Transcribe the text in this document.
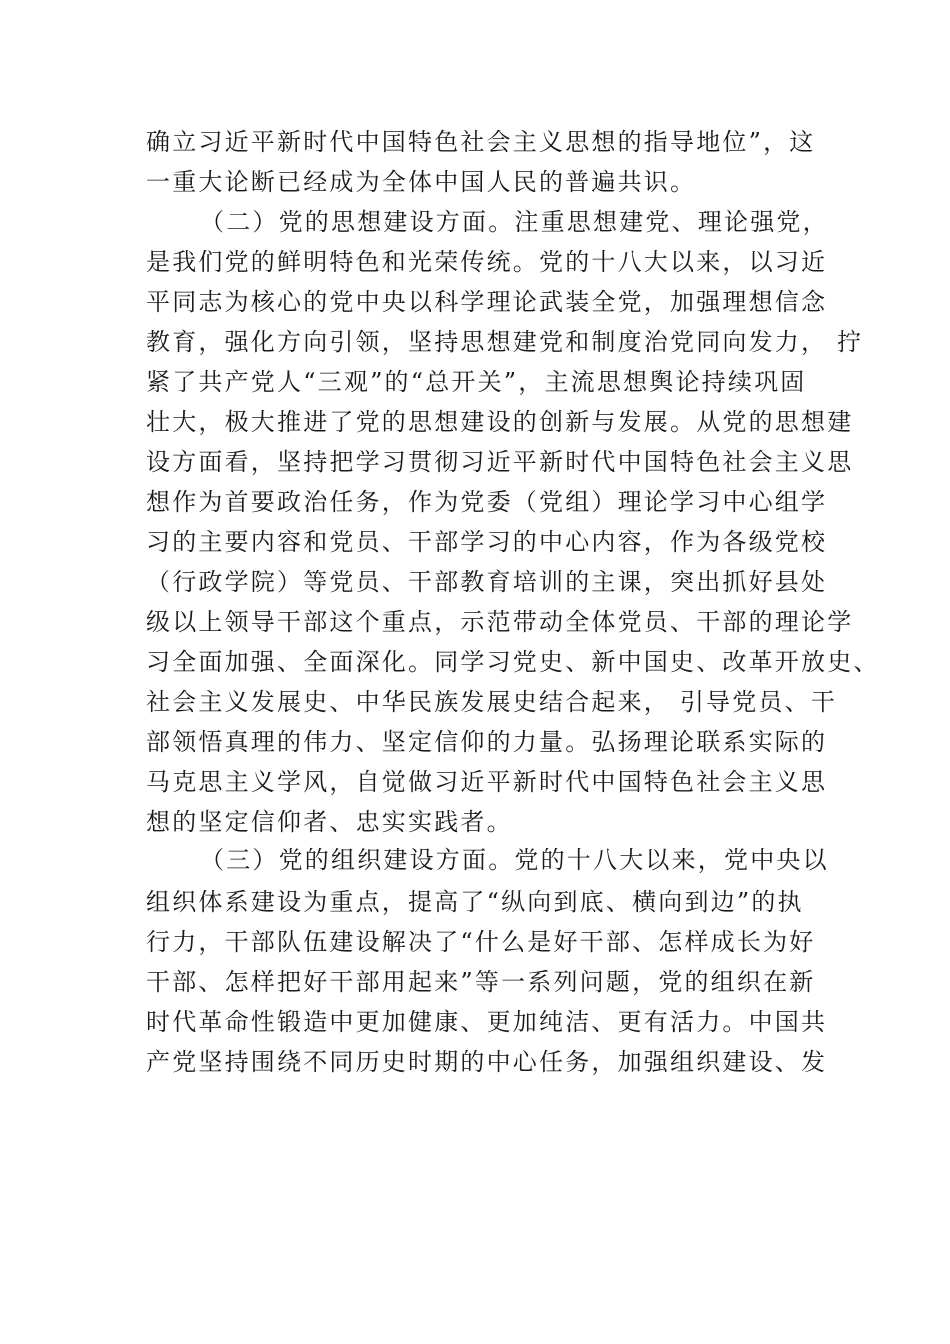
确立习近平新时代中国特色社会主义思想的指导地位”，这
一重大论断已经成为全体中国人民的普遍共识。
（二）党的思想建设方面。注重思想建党、理论强党，
是我们党的鲜明特色和光荣传统。党的十八大以来，以习近
平同志为核心的党中央以科学理论武装全党，加强理想信念
教育，强化方向引领，坚持思想建党和制度治党同向发力， 拧
紧了共产党人“三观”的“总开关”，主流思想舆论持续巩固
壮大，极大推进了党的思想建设的创新与发展。从党的思想建
设方面看，坚持把学习贯彻习近平新时代中国特色社会主义思
想作为首要政治任务，作为党委（党组）理论学习中心组学
习的主要内容和党员、干部学习的中心内容，作为各级党校
（行政学院）等党员、干部教育培训的主课，突出抓好县处
级以上领导干部这个重点，示范带动全体党员、干部的理论学
习全面加强、全面深化。同学习党史、新中国史、改革开放史、
社会主义发展史、中华民族发展史结合起来， 引导党员、干
部领悟真理的伟力、坚定信仰的力量。弘扬理论联系实际的
马克思主义学风，自觉做习近平新时代中国特色社会主义思
想的坚定信仰者、忠实实践者。
（三）党的组织建设方面。党的十八大以来，党中央以
组织体系建设为重点，提高了“纵向到底、横向到边”的执
行力，干部队伍建设解决了“什么是好干部、怎样成长为好
干部、怎样把好干部用起来”等一系列问题，党的组织在新
时代革命性锻造中更加健康、更加纯洁、更有活力。中国共
产党坚持围绕不同历史时期的中心任务，加强组织建设、发
